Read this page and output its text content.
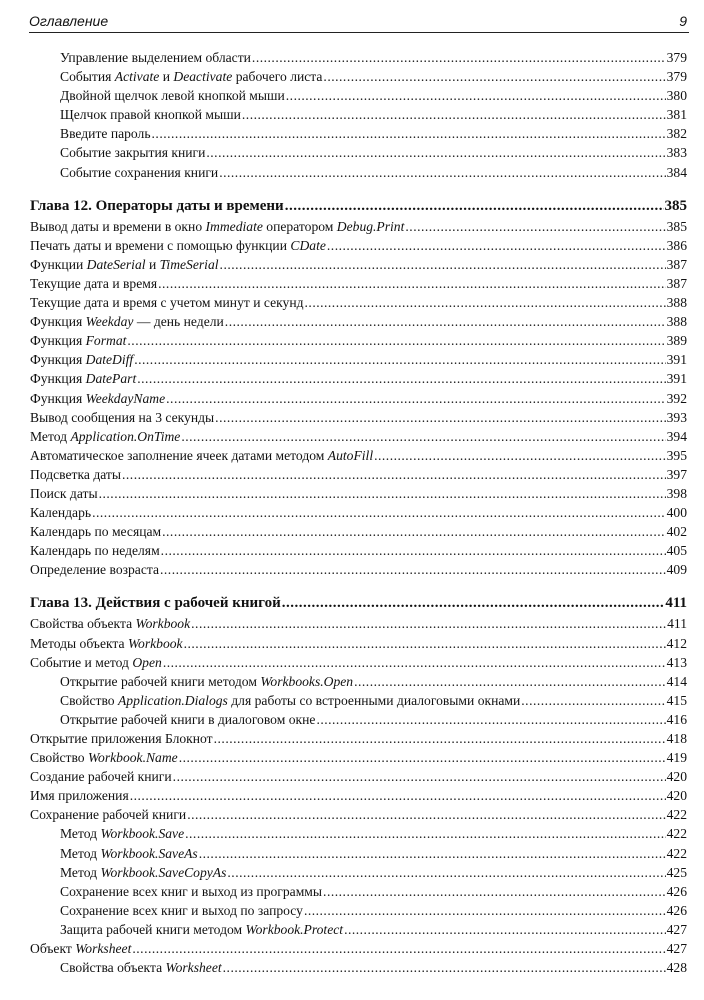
Оглавление	9
Управление выделением области .....	379
События Activate и Deactivate рабочего листа .....	379
Двойной щелчок левой кнопкой мыши .....	380
Щелчок правой кнопкой мыши .....	381
Введите пароль .....	382
Событие закрытия книги .....	383
Событие сохранения книги .....	384
Глава 12. Операторы даты и времени .....	385
Вывод даты и времени в окно Immediate оператором Debug.Print .....	385
Печать даты и времени с помощью функции CDate .....	386
Функции DateSerial и TimeSerial .....	387
Текущие дата и время .....	387
Текущие дата и время с учетом минут и секунд .....	388
Функция Weekday — день недели .....	388
Функция Format .....	389
Функция DateDiff .....	391
Функция DatePart .....	391
Функция WeekdayName .....	392
Вывод сообщения на 3 секунды .....	393
Метод Application.OnTime .....	394
Автоматическое заполнение ячеек датами методом AutoFill .....	395
Подсветка даты .....	397
Поиск даты .....	398
Календарь .....	400
Календарь по месяцам .....	402
Календарь по неделям .....	405
Определение возраста .....	409
Глава 13. Действия с рабочей книгой .....	411
Свойства объекта Workbook .....	411
Методы объекта Workbook .....	412
Событие и метод Open .....	413
Открытие рабочей книги методом Workbooks.Open .....	414
Свойство Application.Dialogs для работы со встроенными диалоговыми окнами .....	415
Открытие рабочей книги в диалоговом окне .....	416
Открытие приложения Блокнот .....	418
Свойство Workbook.Name .....	419
Создание рабочей книги .....	420
Имя приложения .....	420
Сохранение рабочей книги .....	422
Метод Workbook.Save .....	422
Метод Workbook.SaveAs .....	422
Метод Workbook.SaveCopyAs .....	425
Сохранение всех книг и выход из программы .....	426
Сохранение всех книг и выход по запросу .....	426
Защита рабочей книги методом Workbook.Protect .....	427
Объект Worksheet .....	427
Свойства объекта Worksheet .....	428
